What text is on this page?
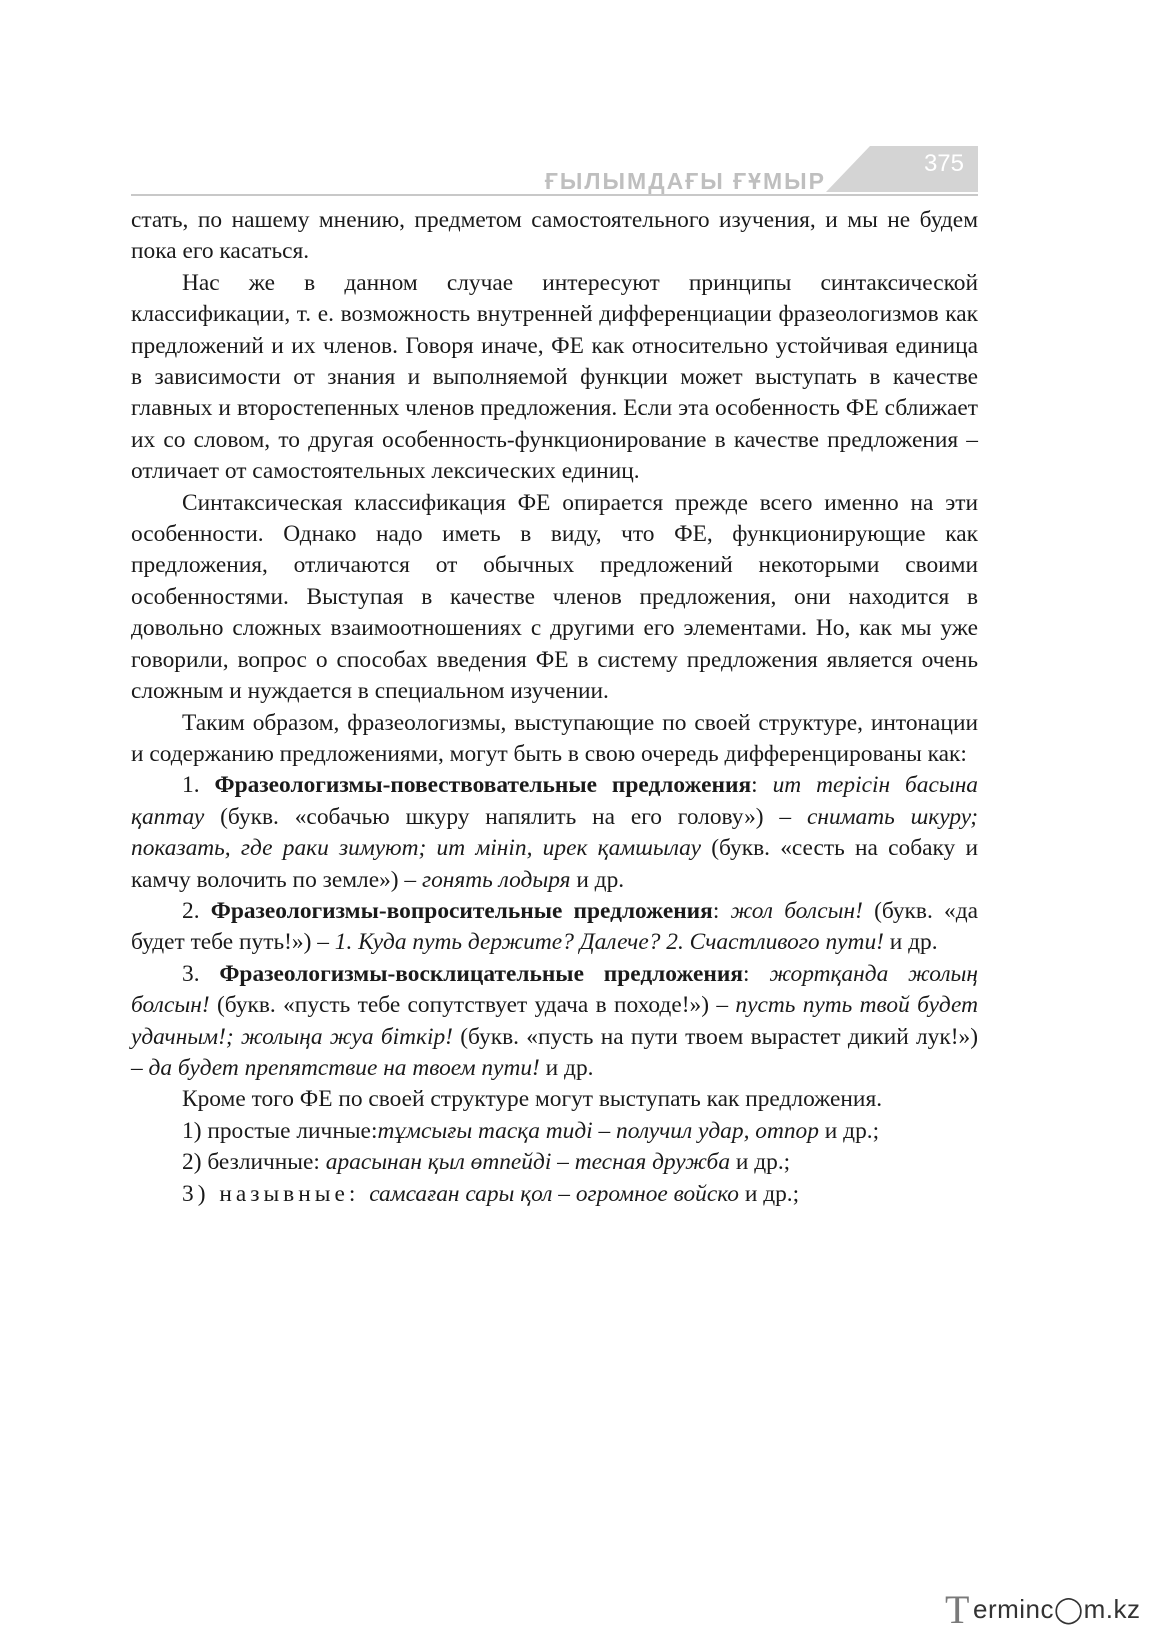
ҒЫЛЫМДАҒЫ ҒҰМЫР
375

стать, по нашему мнению, предметом самостоятельного изучения, и мы не будем пока его касаться.

Нас же в данном случае интересуют принципы синтаксической классификации, т. е. возможность внутренней дифференциации фразеологизмов как предложений и их членов. Говоря иначе, ФЕ как относительно устойчивая единица в зависимости от знания и выполняемой функции может выступать в качестве главных и второстепенных членов предложения. Если эта особенность ФЕ сближает их со словом, то другая особенность-функционирование в качестве предложения – отличает от самостоятельных лексических единиц.

Синтаксическая классификация ФЕ опирается прежде всего именно на эти особенности. Однако надо иметь в виду, что ФЕ, функционирующие как предложения, отличаются от обычных предложений некоторыми своими особенностями. Выступая в качестве членов предложения, они находится в довольно сложных взаимоотношениях с другими его элементами. Но, как мы уже говорили, вопрос о способах введения ФЕ в систему предложения является очень сложным и нуждается в специальном изучении.

Таким образом, фразеологизмы, выступающие по своей структуре, интонации и содержанию предложениями, могут быть в свою очередь дифференцированы как:

1. Фразеологизмы-повествовательные предложения: ит терісін басына қаптау (букв. «собачью шкуру напялить на его голову») – снимать шкуру; показать, где раки зимуют; ит мініп, ирек қамшылау (букв. «сесть на собаку и камчу волочить по земле») – гонять лодыря и др.

2. Фразеологизмы-вопросительные предложения: жол болсын! (букв. «да будет тебе путь!») – 1. Куда путь держите? Далече? 2. Счастливого пути! и др.

3. Фразеологизмы-восклицательные предложения: жортқанда жолың болсын! (букв. «пусть тебе сопутствует удача в походе!») – пусть путь твой будет удачным!; жолыңа жуа біткір! (букв. «пусть на пути твоем вырастет дикий лук!») – да будет препятствие на твоем пути! и др.

Кроме того ФЕ по своей структуре могут выступать как предложения.

1) простые личные:тұмсығы тасқа тиді – получил удар, отпор и др.;

2) безличные: арасынан қыл өтпейді – тесная дружба и др.;

3) назывные: самсаған сары қол – огромное войско и др.;

T erminc◯m.kz
